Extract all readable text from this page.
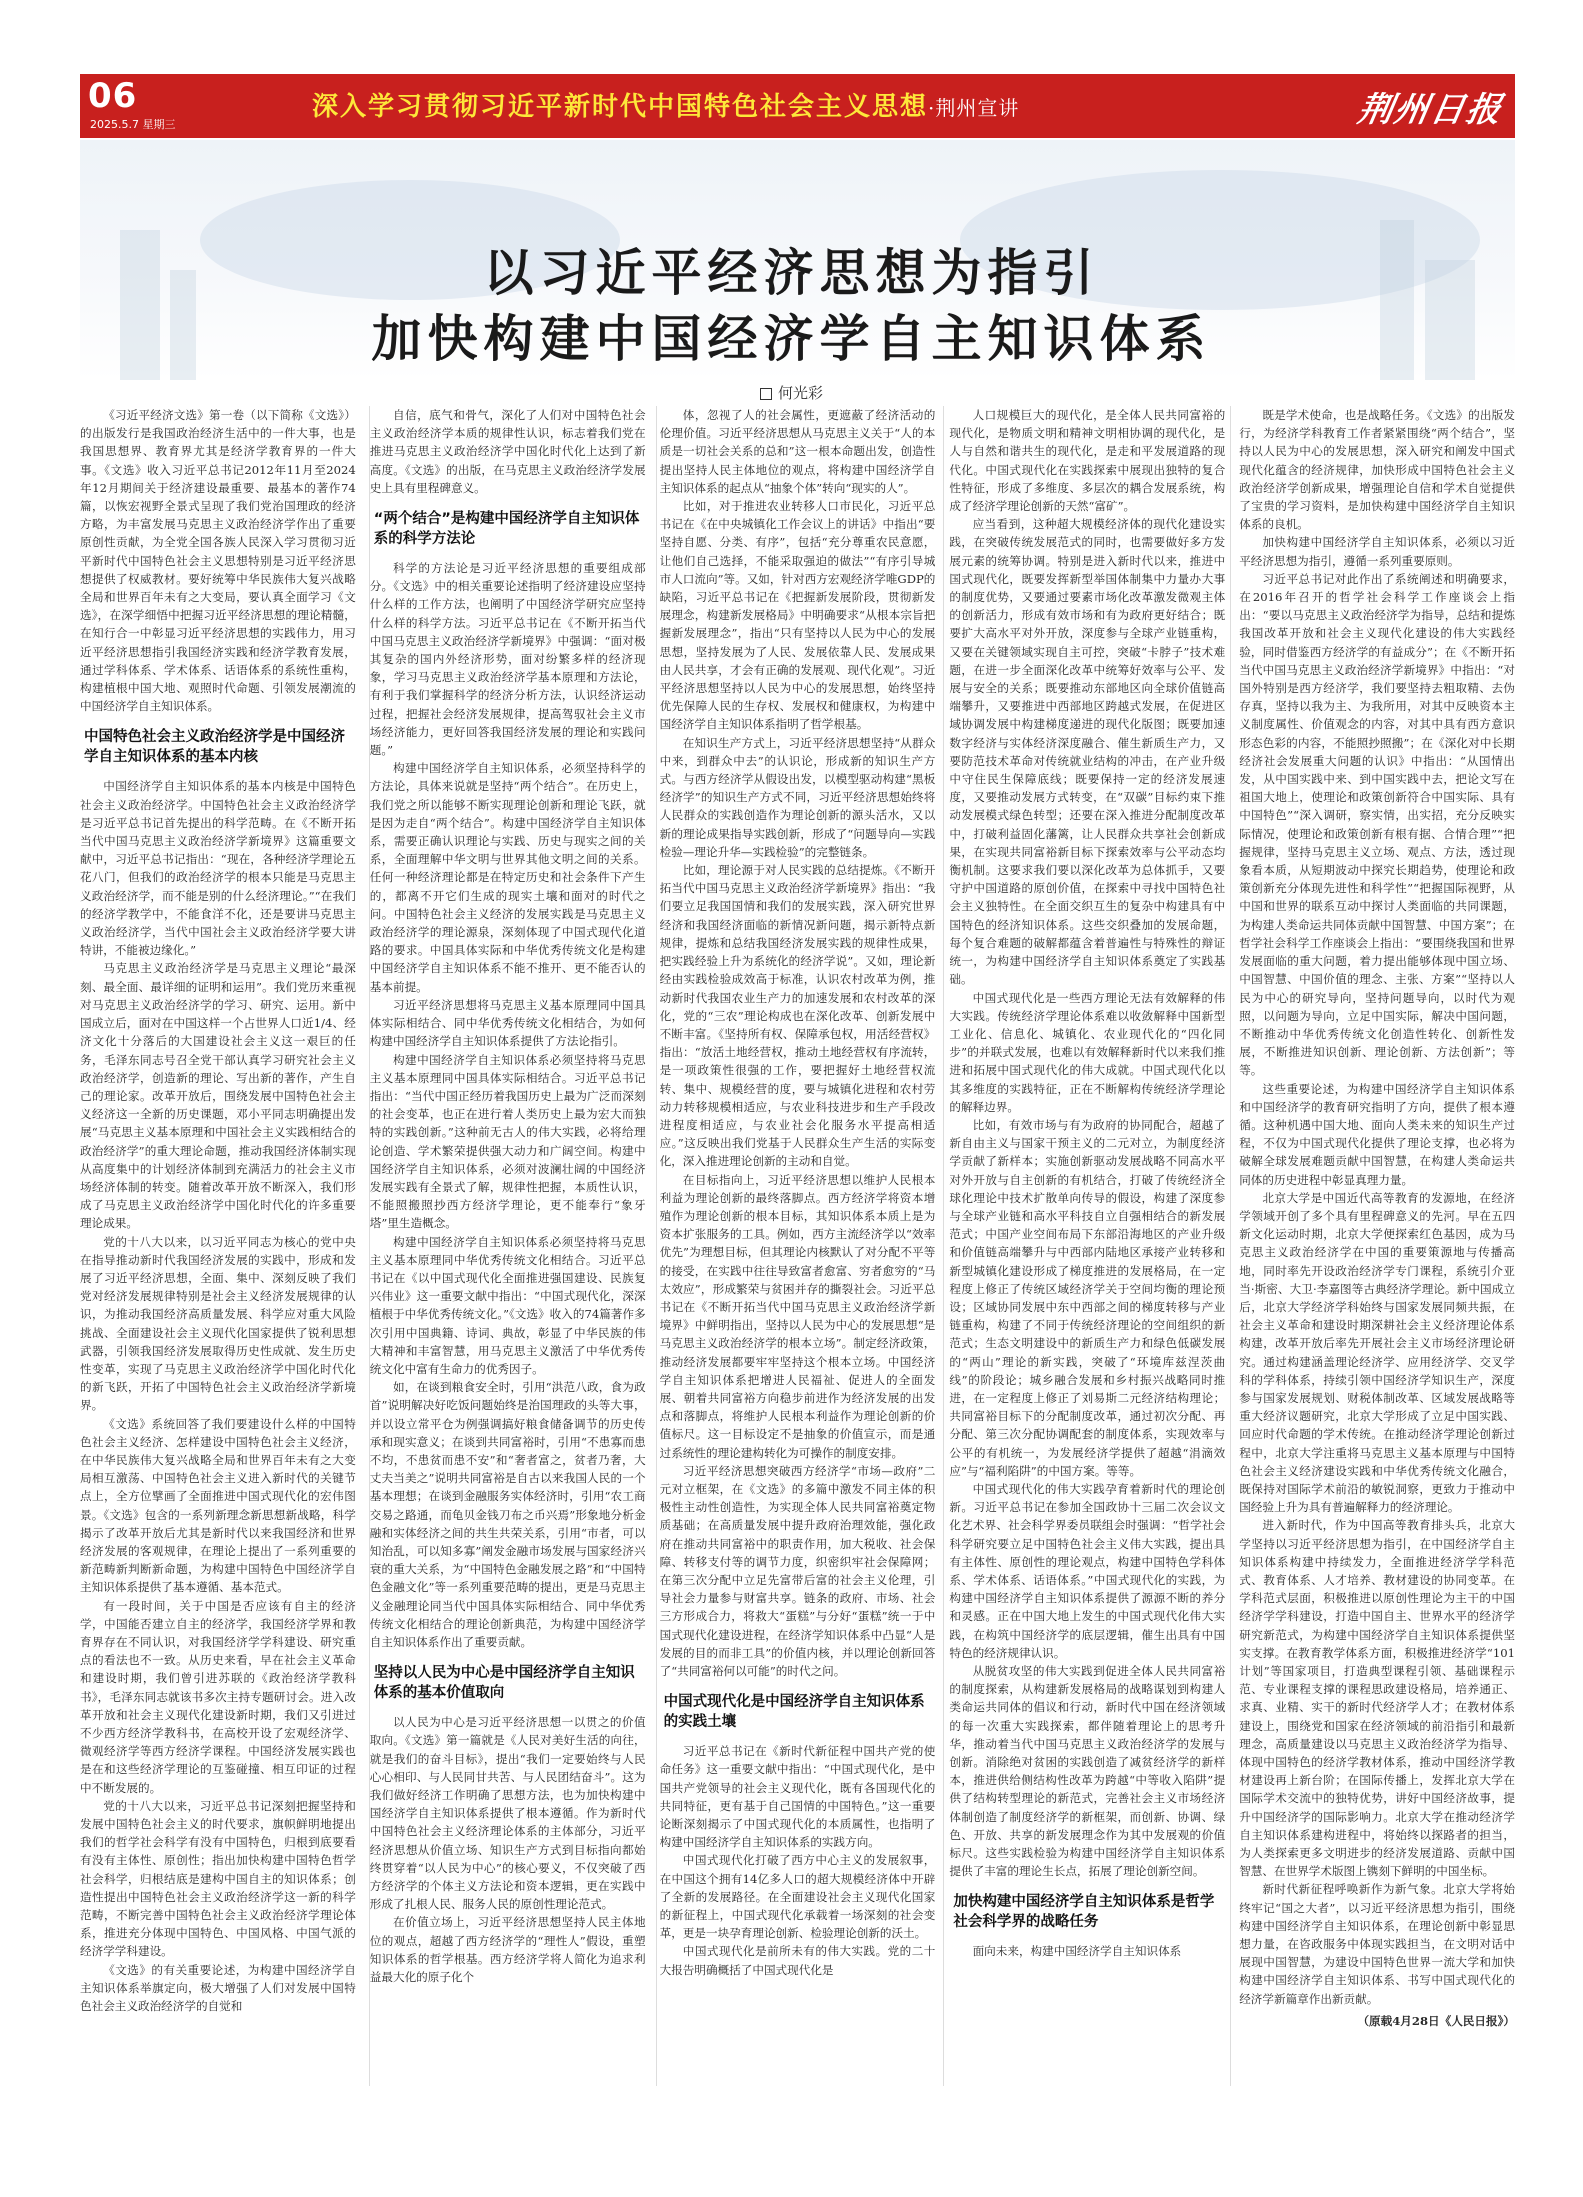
06
2025.5.7 星期三
深入学习贯彻习近平新时代中国特色社会主义思想·荆州宣讲	荆州日报
以习近平经济思想为指引
加快构建中国经济学自主知识体系
何光彩

《习近平经济文选》第一卷（以下简称《文选》）的出版发行是我国政治经济生活中的一件大事，也是我国思想界、教育界尤其是经济学教育界的一件大事。《文选》收入习近平总书记2012年11月至2024年12月期间关于经济建设最重要、最基本的著作74篇，以恢宏视野全景式呈现了我们党治国理政的经济方略，为丰富发展马克思主义政治经济学作出了重要原创性贡献，为全党全国各族人民深入学习贯彻习近平新时代中国特色社会主义思想特别是习近平经济思想提供了权威教材。要好统筹中华民族伟大复兴战略全局和世界百年未有之大变局，要认真全面学习《文选》，在深学细悟中把握习近平经济思想的理论精髓，在知行合一中彰显习近平经济思想的实践伟力，用习近平经济思想指引我国经济实践和经济学教育发展，通过学科体系、学术体系、话语体系的系统性重构，构建植根中国大地、观照时代命题、引领发展潮流的中国经济学自主知识体系。

中国特色社会主义政治经济学是中国经济学自主知识体系的基本内核

中国经济学自主知识体系的基本内核是中国特色社会主义政治经济学。中国特色社会主义政治经济学是习近平总书记首先提出的科学范畴。在《不断开拓当代中国马克思主义政治经济学新境界》这篇重要文献中，习近平总书记指出：“现在，各种经济学理论五花八门，但我们的政治经济学的根本只能是马克思主义政治经济学，而不能是别的什么经济理论。”“在我们的经济学教学中，不能食洋不化，还是要讲马克思主义政治经济学，当代中国社会主义政治经济学要大讲特讲，不能被边缘化。”

马克思主义政治经济学是马克思主义理论“最深刻、最全面、最详细的证明和运用”。我们党历来重视对马克思主义政治经济学的学习、研究、运用。新中国成立后，面对在中国这样一个占世界人口近1/4、经济文化十分落后的大国建设社会主义这一艰巨的任务，毛泽东同志号召全党干部认真学习研究社会主义政治经济学，创造新的理论、写出新的著作，产生自己的理论家。改革开放后，围绕发展中国特色社会主义经济这一全新的历史课题，邓小平同志明确提出发展“马克思主义基本原理和中国社会主义实践相结合的政治经济学”的重大理论命题，推动我国经济体制实现从高度集中的计划经济体制到充满活力的社会主义市场经济体制的转变。随着改革开放不断深入，我们形成了马克思主义政治经济学中国化时代化的许多重要理论成果。

党的十八大以来，以习近平同志为核心的党中央在指导推动新时代我国经济发展的实践中，形成和发展了习近平经济思想，全面、集中、深刻反映了我们党对经济发展规律特别是社会主义经济发展规律的认识，为推动我国经济高质量发展、科学应对重大风险挑战、全面建设社会主义现代化国家提供了锐利思想武器，引领我国经济发展取得历史性成就、发生历史性变革，实现了马克思主义政治经济学中国化时代化的新飞跃，开拓了中国特色社会主义政治经济学新境界。

《文选》系统回答了我们要建设什么样的中国特色社会主义经济、怎样建设中国特色社会主义经济，在中华民族伟大复兴战略全局和世界百年未有之大变局相互激荡、中国特色社会主义进入新时代的关键节点上，全方位擘画了全面推进中国式现代化的宏伟图景。《文选》包含的一系列新理念新思想新战略，科学揭示了改革开放后尤其是新时代以来我国经济和世界经济发展的客观规律，在理论上提出了一系列重要的新范畴新判断新命题，为构建中国特色中国经济学自主知识体系提供了基本遵循、基本范式。

有一段时间，关于中国是否应该有自主的经济学，中国能否建立自主的经济学，我国经济学界和教育界存在不同认识，对我国经济学学科建设、研究重点的看法也不一致。从历史来看，早在社会主义革命和建设时期，我们曾引进苏联的《政治经济学教科书》，毛泽东同志就该书多次主持专题研讨会。进入改革开放和社会主义现代化建设新时期，我们又引进过不少西方经济学教科书，在高校开设了宏观经济学、微观经济学等西方经济学课程。中国经济发展实践也是在和这些经济学理论的互鉴碰撞、相互印证的过程中不断发展的。

党的十八大以来，习近平总书记深刻把握坚持和发展中国特色社会主义的时代要求，旗帜鲜明地提出我们的哲学社会科学有没有中国特色，归根到底要看有没有主体性、原创性；指出加快构建中国特色哲学社会科学，归根结底是建构中国自主的知识体系；创造性提出中国特色社会主义政治经济学这一新的科学范畴，不断完善中国特色社会主义政治经济学理论体系，推进充分体现中国特色、中国风格、中国气派的经济学学科建设。

《文选》的有关重要论述，为构建中国经济学自主知识体系举旗定向，极大增强了人们对发展中国特色社会主义政治经济学的自觉和

自信，底气和骨气，深化了人们对中国特色社会主义政治经济学本质的规律性认识，标志着我们党在推进马克思主义政治经济学中国化时代化上达到了新高度。《文选》的出版，在马克思主义政治经济学发展史上具有里程碑意义。

“两个结合”是构建中国经济学自主知识体系的科学方法论

科学的方法论是习近平经济思想的重要组成部分。《文选》中的相关重要论述指明了经济建设应坚持什么样的工作方法，也阐明了中国经济学研究应坚持什么样的科学方法。习近平总书记在《不断开拓当代中国马克思主义政治经济学新境界》中强调：“面对极其复杂的国内外经济形势，面对纷繁多样的经济现象，学习马克思主义政治经济学基本原理和方法论，有利于我们掌握科学的经济分析方法，认识经济运动过程，把握社会经济发展规律，提高驾驭社会主义市场经济能力，更好回答我国经济发展的理论和实践问题。”

构建中国经济学自主知识体系，必须坚持科学的方法论，具体来说就是坚持“两个结合”。在历史上，我们党之所以能够不断实现理论创新和理论飞跃，就是因为走自“两个结合”。构建中国经济学自主知识体系，需要正确认识理论与实践、历史与现实之间的关系，全面理解中华文明与世界其他文明之间的关系。任何一种经济理论都是在特定历史和社会条件下产生的，都离不开它们生成的现实土壤和面对的时代之问。中国特色社会主义经济的发展实践是马克思主义政治经济学的理论源泉，深刻体现了中国式现代化道路的要求。中国具体实际和中华优秀传统文化是构建中国经济学自主知识体系不能不推开、更不能否认的基本前提。

习近平经济思想将马克思主义基本原理同中国具体实际相结合、同中华优秀传统文化相结合，为如何构建中国经济学自主知识体系提供了方法论指引。

构建中国经济学自主知识体系必须坚持将马克思主义基本原理同中国具体实际相结合。习近平总书记指出：“当代中国正经历着我国历史上最为广泛而深刻的社会变革，也正在进行着人类历史上最为宏大而独特的实践创新。”这种前无古人的伟大实践，必将给理论创造、学术繁荣提供强大动力和广阔空间。构建中国经济学自主知识体系，必须对波澜壮阔的中国经济发展实践有全景式了解，规律性把握，本质性认识，不能照搬照抄西方经济学理论，更不能奉行“象牙塔”里生造概念。

构建中国经济学自主知识体系必须坚持将马克思主义基本原理同中华优秀传统文化相结合。习近平总书记在《以中国式现代化全面推进强国建设、民族复兴伟业》这一重要文献中指出：“中国式现代化，深深植根于中华优秀传统文化。”《文选》收入的74篇著作多次引用中国典籍、诗词、典故，彰显了中华民族的伟大精神和丰富智慧，用马克思主义激活了中华优秀传统文化中富有生命力的优秀因子。

如，在谈到粮食安全时，引用“洪范八政，食为政首”说明解决好吃饭问题始终是治国理政的头等大事，并以设立常平仓为例强调搞好粮食储备调节的历史传承和现实意义；在谈到共同富裕时，引用“不患寡而患不均，不患贫而患不安”和“奢者富之，贫者乃奢，大丈夫当美之”说明共同富裕是自古以来我国人民的一个基本理想；在谈到金融服务实体经济时，引用“农工商交易之路通，而龟贝金钱刀布之币兴焉”形象地分析金融和实体经济之间的共生共荣关系，引用“市者，可以知治乱，可以知多寡”阐发金融市场发展与国家经济兴衰的重大关系，为“中国特色金融发展之路”和“中国特色金融文化”等一系列重要范畴的提出，更是马克思主义金融理论同当代中国具体实际相结合、同中华优秀传统文化相结合的理论创新典范，为构建中国经济学自主知识体系作出了重要贡献。

坚持以人民为中心是中国经济学自主知识体系的基本价值取向

以人民为中心是习近平经济思想一以贯之的价值取向。《文选》第一篇就是《人民对美好生活的向往，就是我们的奋斗目标》，提出“我们一定要始终与人民心心相印、与人民同甘共苦、与人民团结奋斗”。这为我们做好经济工作明确了思想方法，也为加快构建中国经济学自主知识体系提供了根本遵循。作为新时代中国特色社会主义经济理论体系的主体部分，习近平经济思想从价值立场、知识生产方式到目标指向都始终贯穿着“以人民为中心”的核心要义，不仅突破了西方经济学的个体主义方法论和资本逻辑，更在实践中形成了扎根人民、服务人民的原创性理论范式。

在价值立场上，习近平经济思想坚持人民主体地位的观点，超越了西方经济学的“理性人”假设，重塑知识体系的哲学根基。西方经济学将人简化为追求利益最大化的原子化个

体，忽视了人的社会属性，更遮蔽了经济活动的伦理价值。习近平经济思想从马克思主义关于“人的本质是一切社会关系的总和”这一根本命题出发，创造性提出坚持人民主体地位的观点，将构建中国经济学自主知识体系的起点从“抽象个体”转向“现实的人”。

比如，对于推进农业转移人口市民化，习近平总书记在《在中央城镇化工作会议上的讲话》中指出“要坚持自愿、分类、有序”，包括“充分尊重农民意愿，让他们自己选择，不能采取强迫的做法”“有序引导城市人口流向”等。又如，针对西方宏观经济学唯GDP的缺陷，习近平总书记在《把握新发展阶段，贯彻新发展理念，构建新发展格局》中明确要求“从根本宗旨把握新发展理念”，指出“只有坚持以人民为中心的发展思想，坚持发展为了人民、发展依靠人民、发展成果由人民共享，才会有正确的发展观、现代化观”。习近平经济思想坚持以人民为中心的发展思想，始终坚持优先保障人民的生存权、发展权和健康权，为构建中国经济学自主知识体系指明了哲学根基。

在知识生产方式上，习近平经济思想坚持“从群众中来，到群众中去”的认识论，形成新的知识生产方式。与西方经济学从假设出发，以模型驱动构建“黑板经济学”的知识生产方式不同，习近平经济思想始终将人民群众的实践创造作为理论创新的源头活水，又以新的理论成果指导实践创新，形成了“问题导向—实践检验—理论升华—实践检验”的完整链条。

比如，理论源于对人民实践的总结提炼。《不断开拓当代中国马克思主义政治经济学新境界》指出：“我们要立足我国国情和我们的发展实践，深入研究世界经济和我国经济面临的新情况新问题，揭示新特点新规律，提炼和总结我国经济发展实践的规律性成果，把实践经验上升为系统化的经济学说”。又如，理论新经由实践检验成效高于标准，认识农村改革为例，推动新时代我国农业生产力的加速发展和农村改革的深化，党的“三农”理论构成也在深化改革、创新发展中不断丰富。《坚持所有权、保障承包权，用活经营权》指出：“放活土地经营权，推动土地经营权有序流转，是一项政策性很强的工作，要把握好土地经营权流转、集中、规模经营的度，要与城镇化进程和农村劳动力转移规模相适应，与农业科技进步和生产手段改进程度相适应，与农业社会化服务水平提高相适应。”这反映出我们党基于人民群众生产生活的实际变化，深入推进理论创新的主动和自觉。

在目标指向上，习近平经济思想以维护人民根本利益为理论创新的最终落脚点。西方经济学将资本增殖作为理论创新的根本目标，其知识体系本质上是为资本扩张服务的工具。例如，西方主流经济学以“效率优先”为理想目标，但其理论内核默认了对分配不平等的接受，在实践中往往导致富者愈富、穷者愈穷的“马太效应”，形成繁荣与贫困并存的撕裂社会。习近平总书记在《不断开拓当代中国马克思主义政治经济学新境界》中鲜明指出，坚持以人民为中心的发展思想“是马克思主义政治经济学的根本立场”。制定经济政策，推动经济发展都要牢牢坚持这个根本立场。中国经济学自主知识体系把增进人民福祉、促进人的全面发展、朝着共同富裕方向稳步前进作为经济发展的出发点和落脚点，将维护人民根本利益作为理论创新的价值标尺。这一目标设定不是抽象的价值宣示，而是通过系统性的理论建构转化为可操作的制度安排。

习近平经济思想突破西方经济学“市场—政府”二元对立框架，在《文选》的多篇中激发不同主体的积极性主动性创造性，为实现全体人民共同富裕奠定物质基础；在高质量发展中提升政府治理效能，强化政府在推动共同富裕中的职责作用，加大税收、社会保障、转移支付等的调节力度，织密织牢社会保障网；在第三次分配中立足先富带后富的社会主义伦理，引导社会力量参与财富共享。链条的政府、市场、社会三方形成合力，将救大“蛋糕”与分好“蛋糕”统一于中国式现代化建设进程，在经济学知识体系中凸显“人是发展的目的而非工具”的价值内核，并以理论创新回答了“共同富裕何以可能”的时代之问。

中国式现代化是中国经济学自主知识体系的实践土壤

习近平总书记在《新时代新征程中国共产党的使命任务》这一重要文献中指出：“中国式现代化，是中国共产党领导的社会主义现代化，既有各国现代化的共同特征，更有基于自己国情的中国特色。”这一重要论断深刻揭示了中国式现代化的本质属性，也指明了构建中国经济学自主知识体系的实践方向。

中国式现代化打破了西方中心主义的发展叙事，在中国这个拥有14亿多人口的超大规模经济体中开辟了全新的发展路径。在全面建设社会主义现代化国家的新征程上，中国式现代化承载着一场深刻的社会变革，更是一块孕育理论创新、检验理论创新的沃土。

中国式现代化是前所未有的伟大实践。党的二十大报告明确概括了中国式现代化是

人口规模巨大的现代化，是全体人民共同富裕的现代化，是物质文明和精神文明相协调的现代化，是人与自然和谐共生的现代化，是走和平发展道路的现代化。中国式现代化在实践探索中展现出独特的复合性特征，形成了多维度、多层次的耦合发展系统，构成了经济学理论创新的天然“富矿”。

应当看到，这种超大规模经济体的现代化建设实践，在突破传统发展范式的同时，也需要做好多方发展元素的统筹协调。特别是进入新时代以来，推进中国式现代化，既要发挥新型举国体制集中力量办大事的制度优势，又要通过要素市场化改革激发微观主体的创新活力，形成有效市场和有为政府更好结合；既要扩大高水平对外开放，深度参与全球产业链重构，又要在关键领域实现自主可控，突破“卡脖子”技术难题，在进一步全面深化改革中统筹好效率与公平、发展与安全的关系；既要推动东部地区向全球价值链高端攀升，又要推进中西部地区跨越式发展，在促进区域协调发展中构建梯度递进的现代化版图；既要加速数字经济与实体经济深度融合、催生新质生产力，又要防范技术革命对传统就业结构的冲击，在产业升级中守住民生保障底线；既要保持一定的经济发展速度，又要推动发展方式转变，在“双碳”目标约束下推动发展模式绿色转型；还要在深入推进分配制度改革中，打破利益固化藩篱，让人民群众共享社会创新成果，在实现共同富裕新目标下探索效率与公平动态均衡机制。这要求我们要以深化改革为总体抓手，又要守护中国道路的原创价值，在探索中寻找中国特色社会主义独特性。在全面交织互生的复杂中构建具有中国特色的经济知识体系。这些交织叠加的发展命题，每个复合难题的破解都蕴含着普遍性与特殊性的辩证统一，为构建中国经济学自主知识体系奠定了实践基础。

中国式现代化是一些西方理论无法有效解释的伟大实践。传统经济学理论体系难以收敛解释中国新型工业化、信息化、城镇化、农业现代化的“四化同步”的并联式发展，也难以有效解释新时代以来我们推进和拓展中国式现代化的伟大成就。中国式现代化以其多维度的实践特征，正在不断解构传统经济学理论的解释边界。

比如，有效市场与有为政府的协同配合，超越了新自由主义与国家干预主义的二元对立，为制度经济学贡献了新样本；实施创新驱动发展战略不同高水平对外开放与自主创新的有机结合，打破了传统经济全球化理论中技术扩散单向传导的假设，构建了深度参与全球产业链和高水平科技自立自强相结合的新发展范式；中国产业空间布局下东部沿海地区的产业升级和价值链高端攀升与中西部内陆地区承接产业转移和新型城镇化建设形成了梯度推进的发展格局，在一定程度上修正了传统区域经济学关于空间均衡的理论预设；区域协同发展中东中西部之间的梯度转移与产业链重构，构建了不同于传统经济理论的空间组织的新范式；生态文明建设中的新质生产力和绿色低碳发展的“两山”理论的新实践，突破了“环境库兹涅茨曲线”的阶段论；城乡融合发展和乡村振兴战略同时推进，在一定程度上修正了刘易斯二元经济结构理论；共同富裕目标下的分配制度改革，通过初次分配、再分配、第三次分配协调配套的制度体系，实现效率与公平的有机统一，为发展经济学提供了超越“涓滴效应”与“福利陷阱”的中国方案。等等。

中国式现代化的伟大实践孕育着新时代的理论创新。习近平总书记在参加全国政协十三届二次会议文化艺术界、社会科学界委员联组会时强调：“哲学社会科学研究要立足中国特色社会主义伟大实践，提出具有主体性、原创性的理论观点，构建中国特色学科体系、学术体系、话语体系。”中国式现代化的实践，为构建中国经济学自主知识体系提供了源源不断的养分和灵感。正在中国大地上发生的中国式现代化伟大实践，在构筑中国经济学的底层逻辑，催生出具有中国特色的经济规律认识。

从脱贫攻坚的伟大实践到促进全体人民共同富裕的制度探索，从构建新发展格局的战略谋划到构建人类命运共同体的倡议和行动，新时代中国在经济领域的每一次重大实践探索，都伴随着理论上的思考升华，推动着当代中国马克思主义政治经济学的发展与创新。消除绝对贫困的实践创造了减贫经济学的新样本，推进供给侧结构性改革为跨越“中等收入陷阱”提供了结构转型理论的新范式，完善社会主义市场经济体制创造了制度经济学的新框架，而创新、协调、绿色、开放、共享的新发展理念作为其中发展观的价值标尺。这些实践检验为构建中国经济学自主知识体系提供了丰富的理论生长点，拓展了理论创新空间。

加快构建中国经济学自主知识体系是哲学社会科学界的战略任务

面向未来，构建中国经济学自主知识体系

既是学术使命，也是战略任务。《文选》的出版发行，为经济学科教育工作者紧紧围绕“两个结合”，坚持以人民为中心的发展思想，深入研究和阐发中国式现代化蕴含的经济规律，加快形成中国特色社会主义政治经济学创新成果，增强理论自信和学术自觉提供了宝贵的学习资料，是加快构建中国经济学自主知识体系的良机。

加快构建中国经济学自主知识体系，必须以习近平经济思想为指引，遵循一系列重要原则。

习近平总书记对此作出了系统阐述和明确要求，在2016年召开的哲学社会科学工作座谈会上指出：“要以马克思主义政治经济学为指导，总结和提炼我国改革开放和社会主义现代化建设的伟大实践经验，同时借鉴西方经济学的有益成分”；在《不断开拓当代中国马克思主义政治经济学新境界》中指出：“对国外特别是西方经济学，我们要坚持去粗取精、去伪存真，坚持以我为主、为我所用，对其中反映资本主义制度属性、价值观念的内容，对其中具有西方意识形态色彩的内容，不能照抄照搬”；在《深化对中长期经济社会发展重大问题的认识》中指出：“从国情出发，从中国实践中来、到中国实践中去，把论文写在祖国大地上，使理论和政策创新符合中国实际、具有中国特色”“深入调研，察实情，出实招，充分反映实际情况，使理论和政策创新有根有据、合情合理”“把握规律，坚持马克思主义立场、观点、方法，透过现象看本质，从短期波动中探究长期趋势，使理论和政策创新充分体现先进性和科学性”“把握国际视野，从中国和世界的联系互动中探讨人类面临的共同课题，为构建人类命运共同体贡献中国智慧、中国方案”；在哲学社会科学工作座谈会上指出：“要围绕我国和世界发展面临的重大问题，着力提出能够体现中国立场、中国智慧、中国价值的理念、主张、方案”“坚持以人民为中心的研究导向，坚持问题导向，以时代为观照，以问题为导向，立足中国实际，解决中国问题，不断推动中华优秀传统文化创造性转化、创新性发展，不断推进知识创新、理论创新、方法创新”；等等。

这些重要论述，为构建中国经济学自主知识体系和中国经济学的教育研究指明了方向，提供了根本遵循。这种机遇中国大地、面向人类未来的知识生产过程，不仅为中国式现代化提供了理论支撑，也必将为破解全球发展难题贡献中国智慧，在构建人类命运共同体的历史进程中彰显真理力量。

北京大学是中国近代高等教育的发源地，在经济学领域开创了多个具有里程碑意义的先河。早在五四新文化运动时期，北京大学便探索红色基因，成为马克思主义政治经济学在中国的重要策源地与传播高地，同时率先开设政治经济学专门课程，系统引介亚当·斯密、大卫·李嘉图等古典经济学理论。新中国成立后，北京大学经济学科始终与国家发展同频共振，在社会主义革命和建设时期深耕社会主义经济理论体系构建，改革开放后率先开展社会主义市场经济理论研究。通过构建涵盖理论经济学、应用经济学、交叉学科的学科体系，持续引领中国经济学知识生产，深度参与国家发展规划、财税体制改革、区域发展战略等重大经济议题研究，北京大学形成了立足中国实践、回应时代命题的学术传统。在推动经济学理论创新过程中，北京大学注重将马克思主义基本原理与中国特色社会主义经济建设实践和中华优秀传统文化融合，既保持对国际学术前沿的敏锐洞察，更致力于推动中国经验上升为具有普遍解释力的经济理论。

进入新时代，作为中国高等教育排头兵，北京大学坚持以习近平经济思想为指引，在中国经济学自主知识体系构建中持续发力，全面推进经济学学科范式、教育体系、人才培养、教材建设的协同变革。在学科范式层面，积极推进以原创性理论为主干的中国经济学学科建设，打造中国自主、世界水平的经济学研究新范式，为构建中国经济学自主知识体系提供坚实支撑。在教育教学体系方面，积极推进经济学“101计划”等国家项目，打造典型课程引领、基础课程示范、专业课程支撑的课程思政建设格局，培养通正、求真、业精、实干的新时代经济学人才；在教材体系建设上，围绕党和国家在经济领域的前沿指引和最新理念，高质量建设以马克思主义政治经济学为指导、体现中国特色的经济学教材体系，推动中国经济学教材建设再上新台阶；在国际传播上，发挥北京大学在国际学术交流中的独特优势，讲好中国经济故事，提升中国经济学的国际影响力。北京大学在推动经济学自主知识体系建构进程中，将始终以探路者的担当，为人类探索更多文明进步的经济发展道路、贡献中国智慧、在世界学术版图上镌刻下鲜明的中国坐标。

新时代新征程呼唤新作为新气象。北京大学将始终牢记“国之大者”，以习近平经济思想为指引，围绕构建中国经济学自主知识体系，在理论创新中彰显思想力量，在咨政服务中体现实践担当，在文明对话中展现中国智慧，为建设中国特色世界一流大学和加快构建中国经济学自主知识体系、书写中国式现代化的经济学新篇章作出新贡献。

（原载4月28日《人民日报》）
